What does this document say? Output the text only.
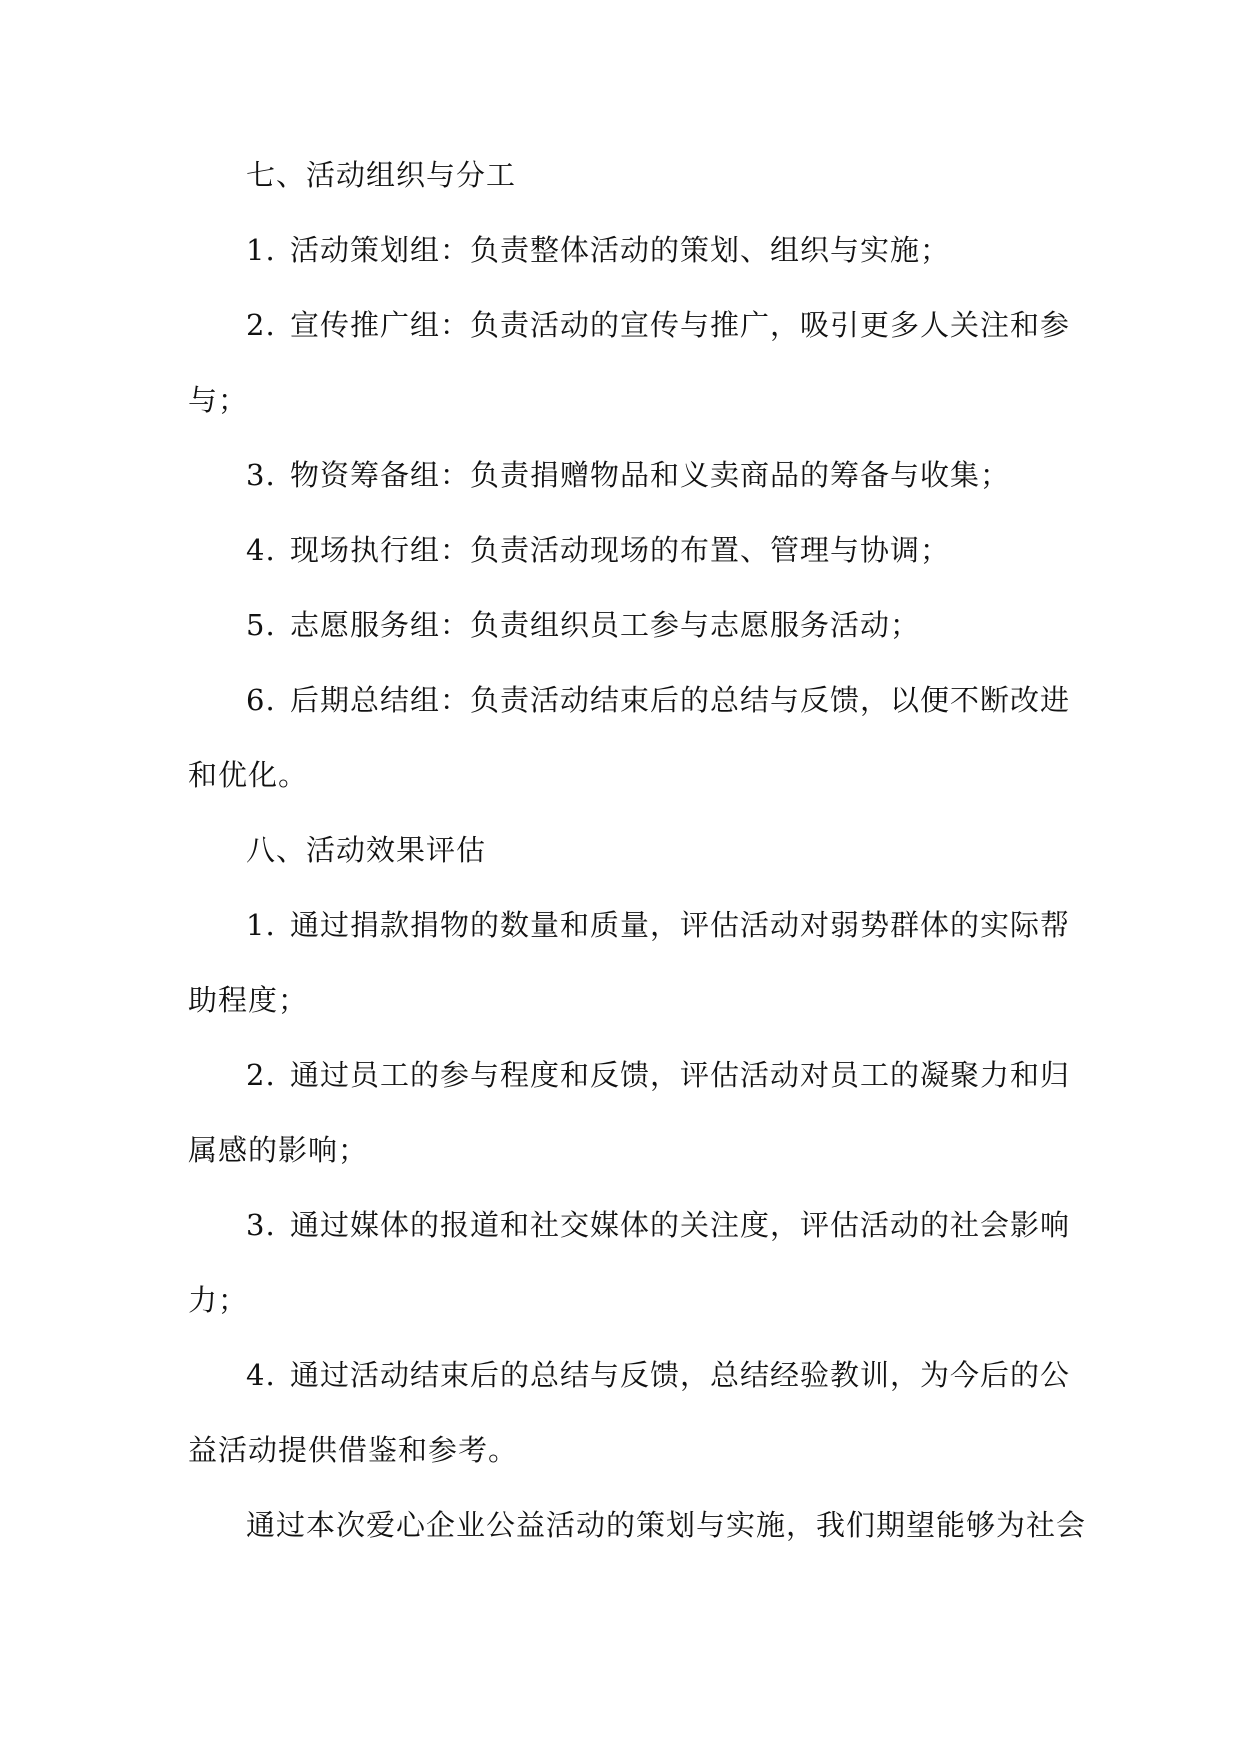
七、活动组织与分工
1. 活动策划组：负责整体活动的策划、组织与实施；
2. 宣传推广组：负责活动的宣传与推广，吸引更多人关注和参
与；
3. 物资筹备组：负责捐赠物品和义卖商品的筹备与收集；
4. 现场执行组：负责活动现场的布置、管理与协调；
5. 志愿服务组：负责组织员工参与志愿服务活动；
6. 后期总结组：负责活动结束后的总结与反馈，以便不断改进
和优化。
八、活动效果评估
1. 通过捐款捐物的数量和质量，评估活动对弱势群体的实际帮
助程度；
2. 通过员工的参与程度和反馈，评估活动对员工的凝聚力和归
属感的影响；
3. 通过媒体的报道和社交媒体的关注度，评估活动的社会影响
力；
4. 通过活动结束后的总结与反馈，总结经验教训，为今后的公
益活动提供借鉴和参考。
通过本次爱心企业公益活动的策划与实施，我们期望能够为社会
